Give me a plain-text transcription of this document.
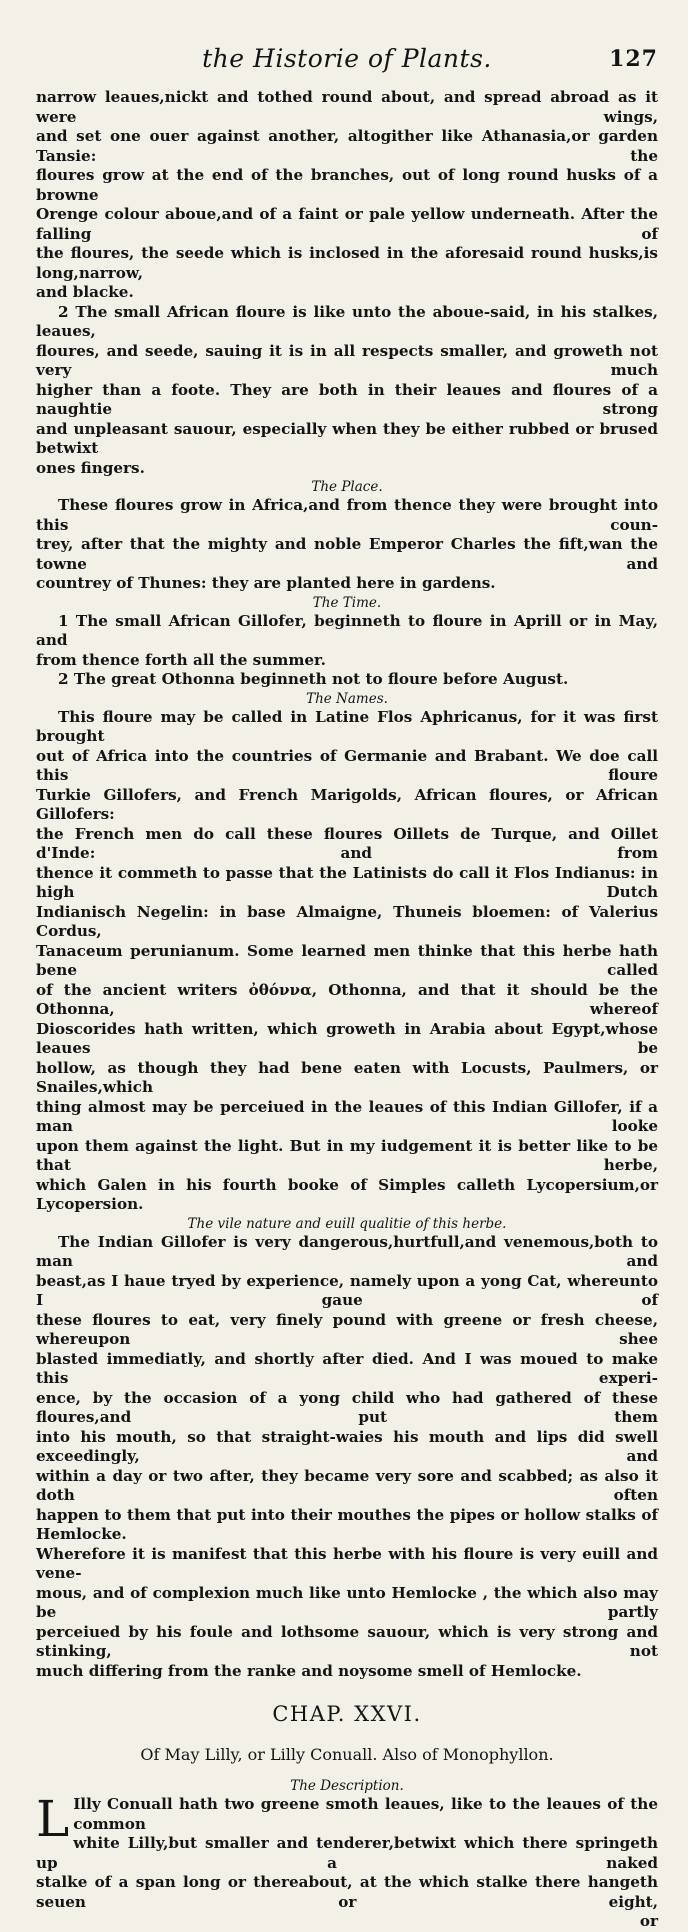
the Historie of Plants.	127

narrow leaues,nickt and tothed round about, and spread abroad as it were wings,

and set one ouer against another, altogither like Athanasia,or garden Tansie: the

floures grow at the end of the branches, out of long round husks of a browne

Orenge colour aboue,and of a faint or pale yellow underneath. After the falling of

the floures, the seede which is inclosed in the aforesaid round husks,is long,narrow,

and blacke.

2 The small African floure is like unto the aboue-said, in his stalkes, leaues,

floures, and seede, sauing it is in all respects smaller, and groweth not very much

higher than a foote. They are both in their leaues and floures of a naughtie strong

and unpleasant sauour, especially when they be either rubbed or brused betwixt

ones fingers.

The Place.

These floures grow in Africa,and from thence they were brought into this coun-

trey, after that the mighty and noble Emperor Charles the fift,wan the towne and

countrey of Thunes: they are planted here in gardens.

The Time.

1 The small African Gillofer, beginneth to floure in Aprill or in May, and

from thence forth all the summer.

2 The great Othonna beginneth not to floure before August.

The Names.

This floure may be called in Latine Flos Aphricanus, for it was first brought

out of Africa into the countries of Germanie and Brabant. We doe call this floure

Turkie Gillofers, and French Marigolds, African floures, or African Gillofers:

the French men do call these floures Oillets de Turque, and Oillet d'Inde: and from

thence it commeth to passe that the Latinists do call it Flos Indianus: in high Dutch

Indianisch Negelin: in base Almaigne, Thuneis bloemen: of Valerius Cordus,

Tanaceum perunianum. Some learned men thinke that this herbe hath bene called

of the ancient writers ὀθόννα, Othonna, and that it should be the Othonna, whereof

Dioscorides hath written, which groweth in Arabia about Egypt,whose leaues be

hollow, as though they had bene eaten with Locusts, Paulmers, or Snailes,which

thing almost may be perceiued in the leaues of this Indian Gillofer, if a man looke

upon them against the light. But in my iudgement it is better like to be that herbe,

which Galen in his fourth booke of Simples calleth Lycopersium,or Lycopersion.

The vile nature and euill qualitie of this herbe.

The Indian Gillofer is very dangerous,hurtfull,and venemous,both to man and

beast,as I haue tryed by experience, namely upon a yong Cat, whereunto I gaue of

these floures to eat, very finely pound with greene or fresh cheese, whereupon shee

blasted immediatly, and shortly after died. And I was moued to make this experi-

ence, by the occasion of a yong child who had gathered of these floures,and put them

into his mouth, so that straight-waies his mouth and lips did swell exceedingly, and

within a day or two after, they became very sore and scabbed; as also it doth often

happen to them that put into their mouthes the pipes or hollow stalks of Hemlocke.

Wherefore it is manifest that this herbe with his floure is very euill and vene-

mous, and of complexion much like unto Hemlocke , the which also may be partly

perceiued by his foule and lothsome sauour, which is very strong and stinking, not

much differing from the ranke and noysome smell of Hemlocke.

CHAP. XXVI.
Of May Lilly, or Lilly Conuall. Also of Monophyllon.

The Description.

L Illy Conuall hath two greene smoth leaues, like to the leaues of the common

white Lilly,but smaller and tenderer,betwixt which there springeth up a naked

stalke of a span long or thereabout, at the which stalke there hangeth seuen or eight,

or
